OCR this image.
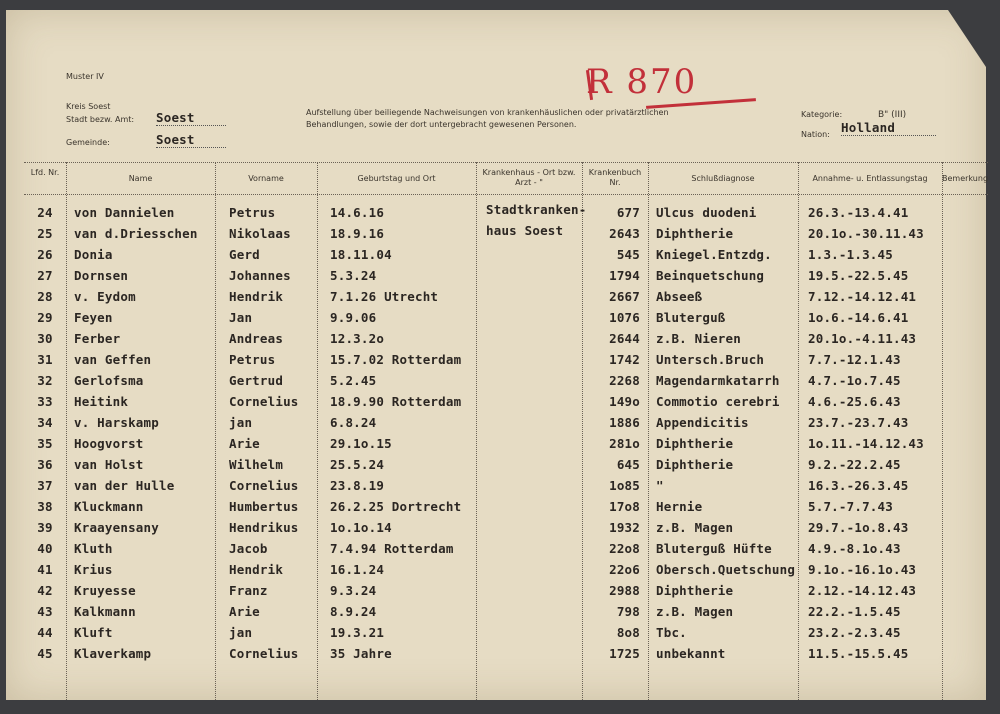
Muster IV
Kreis Soest
Stadt bezw. Amt: Soest
Gemeinde:	Soest
Aufstellung über beiliegende Nachweisungen von krankenhäuslichen oder privatärztlichen
Behandlungen, sowie der dort untergebracht gewesenen Personen.
Kategorie:	B" (III)
Nation: Holland
R 870
Lfd. Nr.
Name	Vorname	Geburtstag und Ort
Krankenhaus - Ort bzw. Arzt - "
Krankenbuch Nr.	Schlußdiagnose	Annahme- u. Entlassungstag	Bemerkung
Stadtkranken-
haus Soest
24	von Dannielen	Petrus	14.6.16	677 Ulcus duodeni	26.3.-13.4.41
25	van d.Driesschen	Nikolaas	18.9.16	2643 Diphtherie	20.1o.-30.11.43
26	Donia	Gerd	18.11.04	545 Kniegel.Entzdg.	1.3.-1.3.45
27	Dornsen	Johannes	5.3.24	1794 Beinquetschung	19.5.-22.5.45
28	v. Eydom	Hendrik	7.1.26 Utrecht	2667 Abseeß	7.12.-14.12.41
29	Feyen	Jan	9.9.06	1076 Bluterguß	1o.6.-14.6.41
30	Ferber	Andreas	12.3.2o	2644 z.B. Nieren	20.1o.-4.11.43
31	van Geffen	Petrus	15.7.02 Rotterdam	1742 Untersch.Bruch	7.7.-12.1.43
32	Gerlofsma	Gertrud	5.2.45	2268 Magendarmkatarrh 4.7.-1o.7.45
33	Heitink	Cornelius	18.9.90 Rotterdam	149o Commotio cerebri 4.6.-25.6.43
34	v. Harskamp	jan	6.8.24	1886 Appendicitis	23.7.-23.7.43
35	Hoogvorst	Arie	29.1o.15	281o Diphtherie	1o.11.-14.12.43
36	van Holst	Wilhelm	25.5.24	645 Diphtherie	9.2.-22.2.45
37	van der Hulle	Cornelius	23.8.19	1o85 "	16.3.-26.3.45
38	Kluckmann	Humbertus	26.2.25 Dortrecht	17o8 Hernie	5.7.-7.7.43
39	Kraayensany	Hendrikus	1o.1o.14	1932 z.B. Magen	29.7.-1o.8.43
40	Kluth	Jacob	7.4.94 Rotterdam	22o8 Bluterguß Hüfte	4.9.-8.1o.43
41	Krius	Hendrik	16.1.24	22o6 Obersch.Quetschung 9.1o.-16.1o.43
42	Kruyesse	Franz	9.3.24	2988 Diphtherie	2.12.-14.12.43
43	Kalkmann	Arie	8.9.24	798 z.B. Magen	22.2.-1.5.45
44	Kluft	jan	19.3.21	8o8 Tbc.	23.2.-2.3.45
45	Klaverkamp	Cornelius	35 Jahre	1725 unbekannt	11.5.-15.5.45
